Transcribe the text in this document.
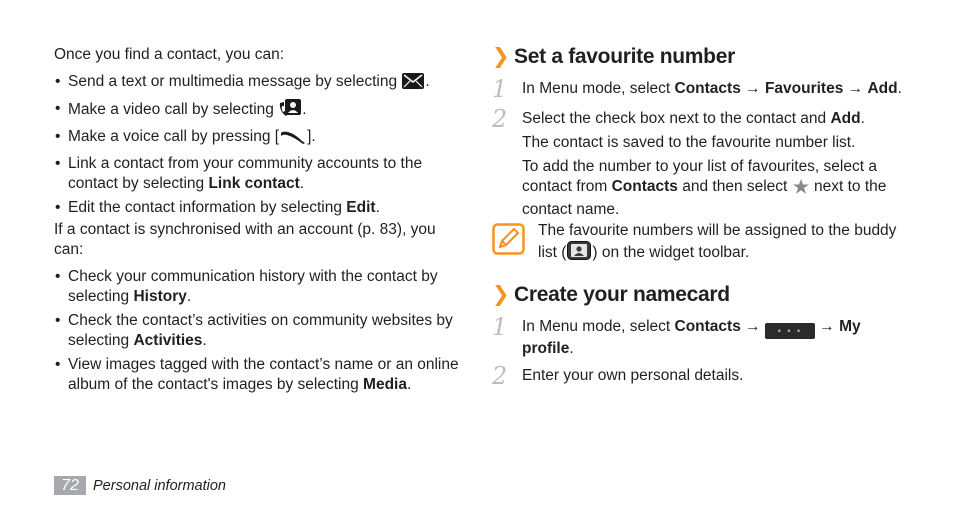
Once you find a contact, you can:

• Send a text or multimedia message by selecting .
• Make a video call by selecting .
• Make a voice call by pressing [ ].
• Link a contact from your community accounts to the contact by selecting Link contact.
• Edit the contact information by selecting Edit.

If a contact is synchronised with an account (p. 83), you can:

• Check your communication history with the contact by selecting History.
• Check the contact’s activities on community websites by selecting Activities.
• View images tagged with the contact’s name or an online album of the contact's images by selecting Media.
❯ Set a favourite number
1 In Menu mode, select Contacts → Favourites → Add.

2 Select the check box next to the contact and Add.

The contact is saved to the favourite number list.

To add the number to your list of favourites, select a contact from Contacts and then select  next to the contact name.

The favourite numbers will be assigned to the buddy list ( ) on the widget toolbar.

❯ Create your namecard
1 In Menu mode, select Contacts → • • • → My profile.

2 Enter your own personal details.

72 Personal information
